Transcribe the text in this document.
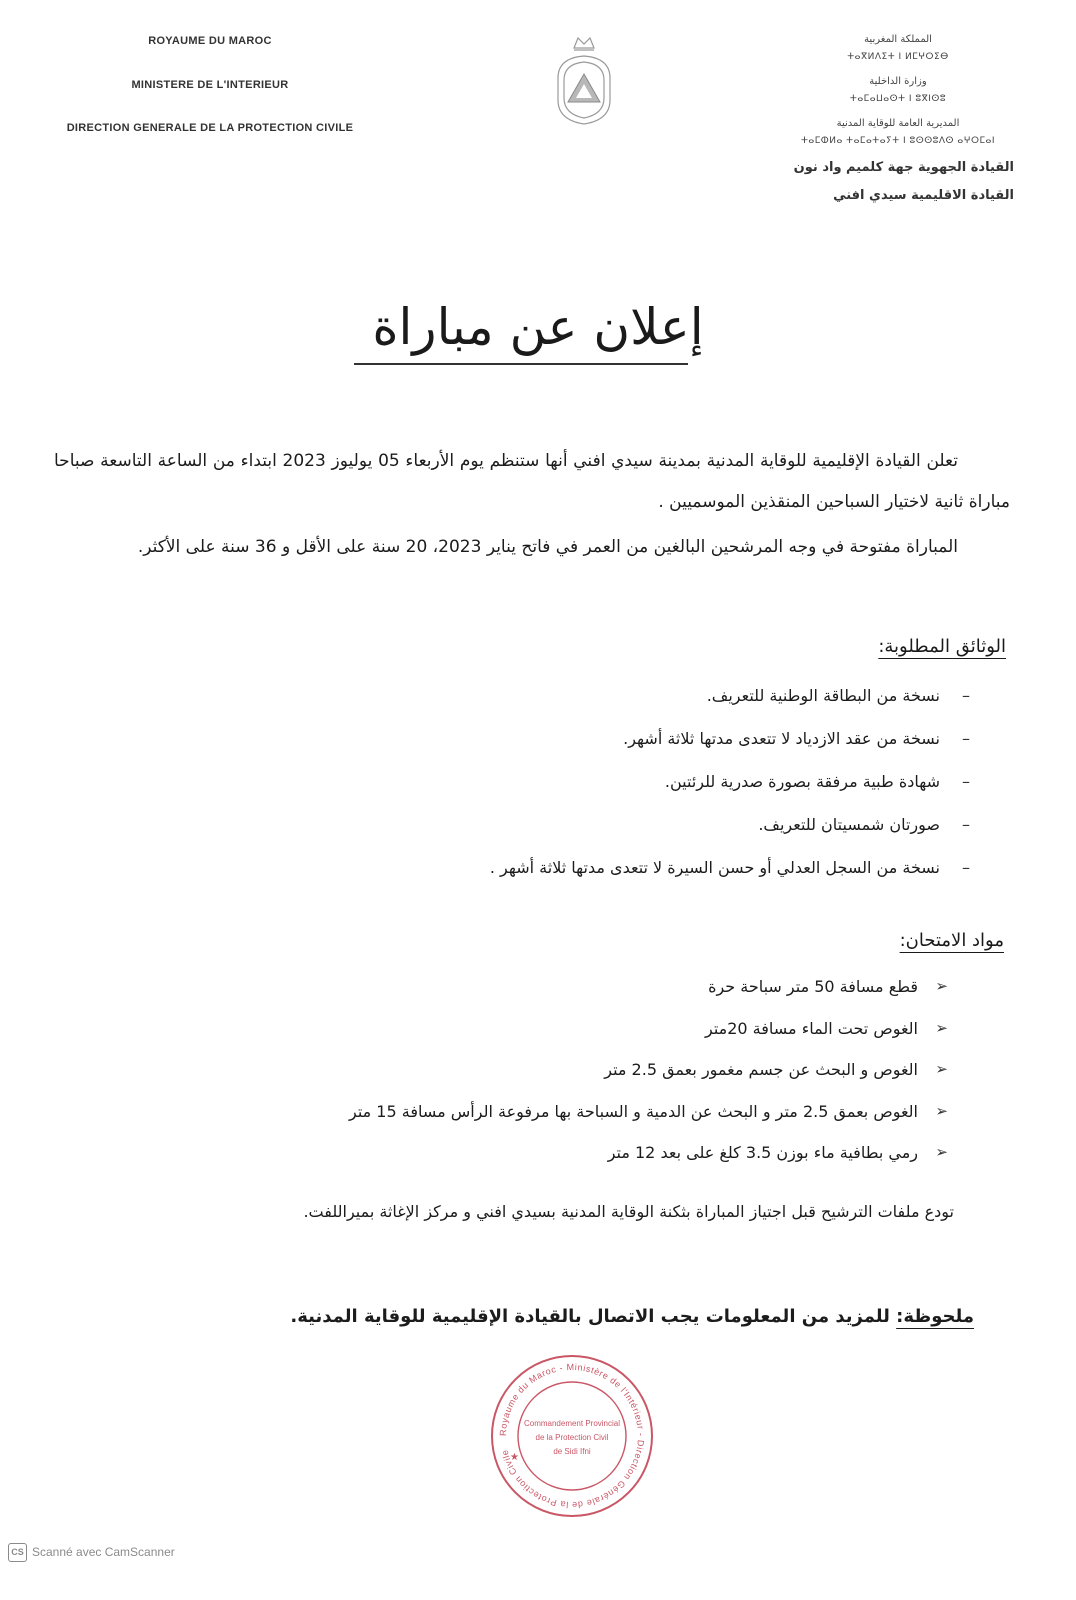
ROYAUME DU MAROC
MINISTERE DE L'INTERIEUR
DIRECTION GENERALE DE LA PROTECTION CIVILE
المملكة المغربية
ⵜⴰⴳⵍⴷⵉⵜ ⵏ ⵍⵎⵖⵔⵉⴱ
وزارة الداخلية
ⵜⴰⵎⴰⵡⴰⵙⵜ ⵏ ⵓⴳⵏⵙⵓ
المديرية العامة للوقاية المدنية
ⵜⴰⵎⵀⵍⴰ ⵜⴰⵎⴰⵜⴰⵢⵜ ⵏ ⵓⵙⵙⵓⴷⵙ ⴰⵖⵔⵎⴰⵏ
القيادة الجهوية جهة كلميم واد نون
القيادة الاقليمية سيدي افني
إعلان عن مباراة
تعلن القيادة الإقليمية للوقاية المدنية بمدينة سيدي افني أنها ستنظم يوم الأربعاء 05 يوليوز 2023 ابتداء من الساعة التاسعة صباحا مباراة ثانية لاختيار السباحين المنقذين الموسميين .
المباراة مفتوحة في وجه المرشحين البالغين من العمر في فاتح يناير 2023، 20 سنة على الأقل و 36 سنة على الأكثر.
الوثائق المطلوبة:
–
نسخة من البطاقة الوطنية للتعريف.
–
نسخة من عقد الازدياد لا تتعدى مدتها ثلاثة أشهر.
–
شهادة طبية مرفقة بصورة صدرية للرئتين.
–
صورتان شمسيتان للتعريف.
–
نسخة من السجل العدلي أو حسن السيرة لا تتعدى مدتها ثلاثة أشهر .
مواد الامتحان:
➢
قطع مسافة 50 متر سباحة حرة
➢
الغوص تحت الماء مسافة 20متر
➢
الغوص و البحث عن جسم مغمور بعمق 2.5 متر
➢
الغوص بعمق 2.5 متر و البحث عن الدمية و السباحة بها مرفوعة الرأس مسافة 15 متر
➢
رمي بطافية ماء بوزن 3.5 كلغ على بعد 12 متر
تودع ملفات الترشيح قبل اجتياز المباراة بثكنة الوقاية المدنية بسيدي افني و مركز الإغاثة بميراللفت.
ملحوظة: للمزيد من المعلومات يجب الاتصال بالقيادة الإقليمية للوقاية المدنية.
Royaume du Maroc - Ministère de l'Intérieur - Direction Générale de la Protection Civile
Commandement Provincial
de la Protection Civil
de Sidi Ifni
★
CS Scanné avec CamScanner
